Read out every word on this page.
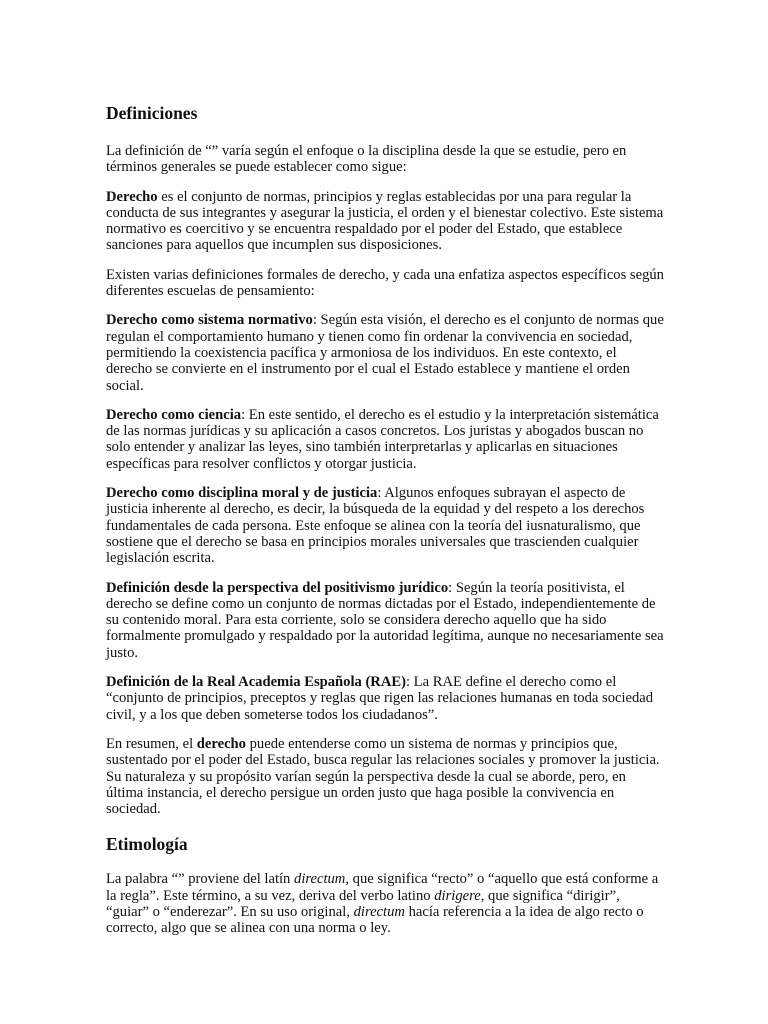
Definiciones

La definición de “” varía según el enfoque o la disciplina desde la que se estudie, pero en términos generales se puede establecer como sigue:

Derecho es el conjunto de normas, principios y reglas establecidas por una para regular la conducta de sus integrantes y asegurar la justicia, el orden y el bienestar colectivo. Este sistema normativo es coercitivo y se encuentra respaldado por el poder del Estado, que establece sanciones para aquellos que incumplen sus disposiciones.

Existen varias definiciones formales de derecho, y cada una enfatiza aspectos específicos según diferentes escuelas de pensamiento:

Derecho como sistema normativo: Según esta visión, el derecho es el conjunto de normas que regulan el comportamiento humano y tienen como fin ordenar la convivencia en sociedad, permitiendo la coexistencia pacífica y armoniosa de los individuos. En este contexto, el derecho se convierte en el instrumento por el cual el Estado establece y mantiene el orden social.

Derecho como ciencia: En este sentido, el derecho es el estudio y la interpretación sistemática de las normas jurídicas y su aplicación a casos concretos. Los juristas y abogados buscan no solo entender y analizar las leyes, sino también interpretarlas y aplicarlas en situaciones específicas para resolver conflictos y otorgar justicia.

Derecho como disciplina moral y de justicia: Algunos enfoques subrayan el aspecto de justicia inherente al derecho, es decir, la búsqueda de la equidad y del respeto a los derechos fundamentales de cada persona. Este enfoque se alinea con la teoría del iusnaturalismo, que sostiene que el derecho se basa en principios morales universales que trascienden cualquier legislación escrita.

Definición desde la perspectiva del positivismo jurídico: Según la teoría positivista, el derecho se define como un conjunto de normas dictadas por el Estado, independientemente de su contenido moral. Para esta corriente, solo se considera derecho aquello que ha sido formalmente promulgado y respaldado por la autoridad legítima, aunque no necesariamente sea justo.

Definición de la Real Academia Española (RAE): La RAE define el derecho como el “conjunto de principios, preceptos y reglas que rigen las relaciones humanas en toda sociedad civil, y a los que deben someterse todos los ciudadanos”.

En resumen, el derecho puede entenderse como un sistema de normas y principios que, sustentado por el poder del Estado, busca regular las relaciones sociales y promover la justicia. Su naturaleza y su propósito varían según la perspectiva desde la cual se aborde, pero, en última instancia, el derecho persigue un orden justo que haga posible la convivencia en sociedad.

Etimología

La palabra “” proviene del latín directum, que significa “recto” o “aquello que está conforme a la regla”. Este término, a su vez, deriva del verbo latino dirigere, que significa “dirigir”, “guiar” o “enderezar”. En su uso original, directum hacía referencia a la idea de algo recto o correcto, algo que se alinea con una norma o ley.
